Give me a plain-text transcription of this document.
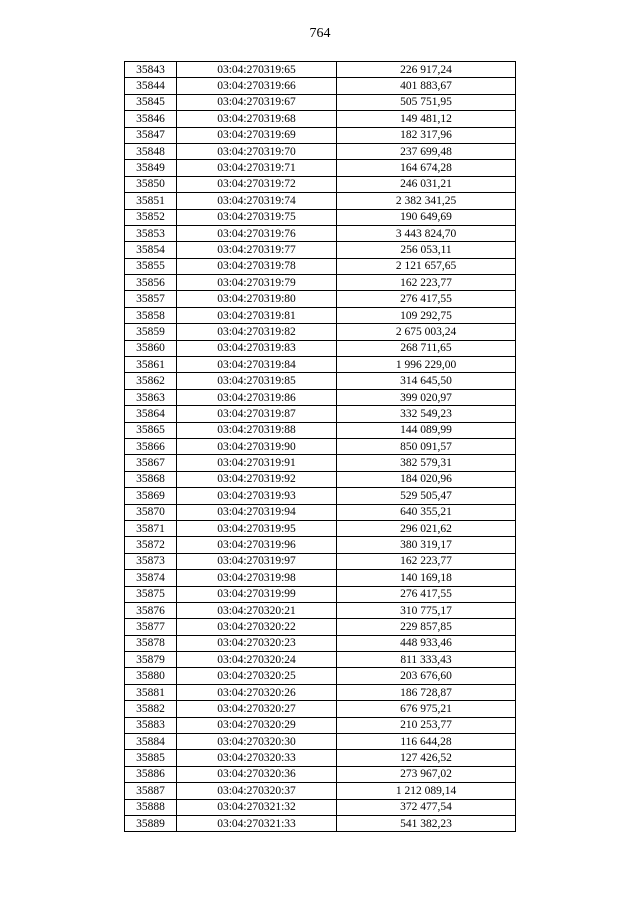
764
35843	03:04:270319:65	226 917,24
35844	03:04:270319:66	401 883,67
35845	03:04:270319:67	505 751,95
35846	03:04:270319:68	149 481,12
35847	03:04:270319:69	182 317,96
35848	03:04:270319:70	237 699,48
35849	03:04:270319:71	164 674,28
35850	03:04:270319:72	246 031,21
35851	03:04:270319:74	2 382 341,25
35852	03:04:270319:75	190 649,69
35853	03:04:270319:76	3 443 824,70
35854	03:04:270319:77	256 053,11
35855	03:04:270319:78	2 121 657,65
35856	03:04:270319:79	162 223,77
35857	03:04:270319:80	276 417,55
35858	03:04:270319:81	109 292,75
35859	03:04:270319:82	2 675 003,24
35860	03:04:270319:83	268 711,65
35861	03:04:270319:84	1 996 229,00
35862	03:04:270319:85	314 645,50
35863	03:04:270319:86	399 020,97
35864	03:04:270319:87	332 549,23
35865	03:04:270319:88	144 089,99
35866	03:04:270319:90	850 091,57
35867	03:04:270319:91	382 579,31
35868	03:04:270319:92	184 020,96
35869	03:04:270319:93	529 505,47
35870	03:04:270319:94	640 355,21
35871	03:04:270319:95	296 021,62
35872	03:04:270319:96	380 319,17
35873	03:04:270319:97	162 223,77
35874	03:04:270319:98	140 169,18
35875	03:04:270319:99	276 417,55
35876	03:04:270320:21	310 775,17
35877	03:04:270320:22	229 857,85
35878	03:04:270320:23	448 933,46
35879	03:04:270320:24	811 333,43
35880	03:04:270320:25	203 676,60
35881	03:04:270320:26	186 728,87
35882	03:04:270320:27	676 975,21
35883	03:04:270320:29	210 253,77
35884	03:04:270320:30	116 644,28
35885	03:04:270320:33	127 426,52
35886	03:04:270320:36	273 967,02
35887	03:04:270320:37	1 212 089,14
35888	03:04:270321:32	372 477,54
35889	03:04:270321:33	541 382,23
